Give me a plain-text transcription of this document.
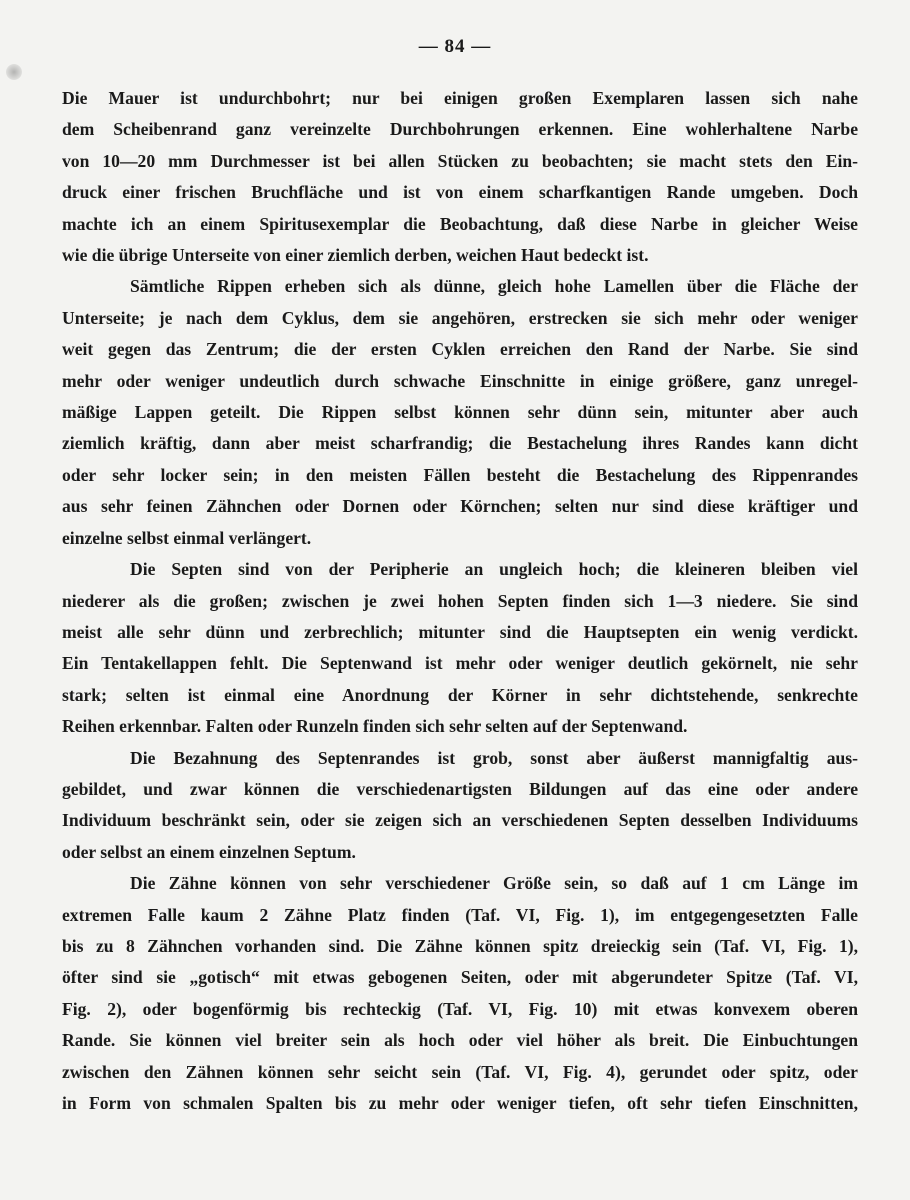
— 84 —
Die Mauer ist undurchbohrt; nur bei einigen großen Exemplaren lassen sich nahe
dem Scheibenrand ganz vereinzelte Durchbohrungen erkennen. Eine wohlerhaltene Narbe
von 10—20 mm Durchmesser ist bei allen Stücken zu beobachten; sie macht stets den Ein-
druck einer frischen Bruchfläche und ist von einem scharfkantigen Rande umgeben. Doch
machte ich an einem Spiritusexemplar die Beobachtung, daß diese Narbe in gleicher Weise
wie die übrige Unterseite von einer ziemlich derben, weichen Haut bedeckt ist.
Sämtliche Rippen erheben sich als dünne, gleich hohe Lamellen über die Fläche der
Unterseite; je nach dem Cyklus, dem sie angehören, erstrecken sie sich mehr oder weniger
weit gegen das Zentrum; die der ersten Cyklen erreichen den Rand der Narbe. Sie sind
mehr oder weniger undeutlich durch schwache Einschnitte in einige größere, ganz unregel-
mäßige Lappen geteilt. Die Rippen selbst können sehr dünn sein, mitunter aber auch
ziemlich kräftig, dann aber meist scharfrandig; die Bestachelung ihres Randes kann dicht
oder sehr locker sein; in den meisten Fällen besteht die Bestachelung des Rippenrandes
aus sehr feinen Zähnchen oder Dornen oder Körnchen; selten nur sind diese kräftiger und
einzelne selbst einmal verlängert.
Die Septen sind von der Peripherie an ungleich hoch; die kleineren bleiben viel
niederer als die großen; zwischen je zwei hohen Septen finden sich 1—3 niedere. Sie sind
meist alle sehr dünn und zerbrechlich; mitunter sind die Hauptsepten ein wenig verdickt.
Ein Tentakellappen fehlt. Die Septenwand ist mehr oder weniger deutlich gekörnelt, nie sehr
stark; selten ist einmal eine Anordnung der Körner in sehr dichtstehende, senkrechte
Reihen erkennbar. Falten oder Runzeln finden sich sehr selten auf der Septenwand.
Die Bezahnung des Septenrandes ist grob, sonst aber äußerst mannigfaltig aus-
gebildet, und zwar können die verschiedenartigsten Bildungen auf das eine oder andere
Individuum beschränkt sein, oder sie zeigen sich an verschiedenen Septen desselben Individuums
oder selbst an einem einzelnen Septum.
Die Zähne können von sehr verschiedener Größe sein, so daß auf 1 cm Länge im
extremen Falle kaum 2 Zähne Platz finden (Taf. VI, Fig. 1), im entgegengesetzten Falle
bis zu 8 Zähnchen vorhanden sind. Die Zähne können spitz dreieckig sein (Taf. VI, Fig. 1),
öfter sind sie „gotisch“ mit etwas gebogenen Seiten, oder mit abgerundeter Spitze (Taf. VI,
Fig. 2), oder bogenförmig bis rechteckig (Taf. VI, Fig. 10) mit etwas konvexem oberen
Rande. Sie können viel breiter sein als hoch oder viel höher als breit. Die Einbuchtungen
zwischen den Zähnen können sehr seicht sein (Taf. VI, Fig. 4), gerundet oder spitz, oder
in Form von schmalen Spalten bis zu mehr oder weniger tiefen, oft sehr tiefen Einschnitten,
